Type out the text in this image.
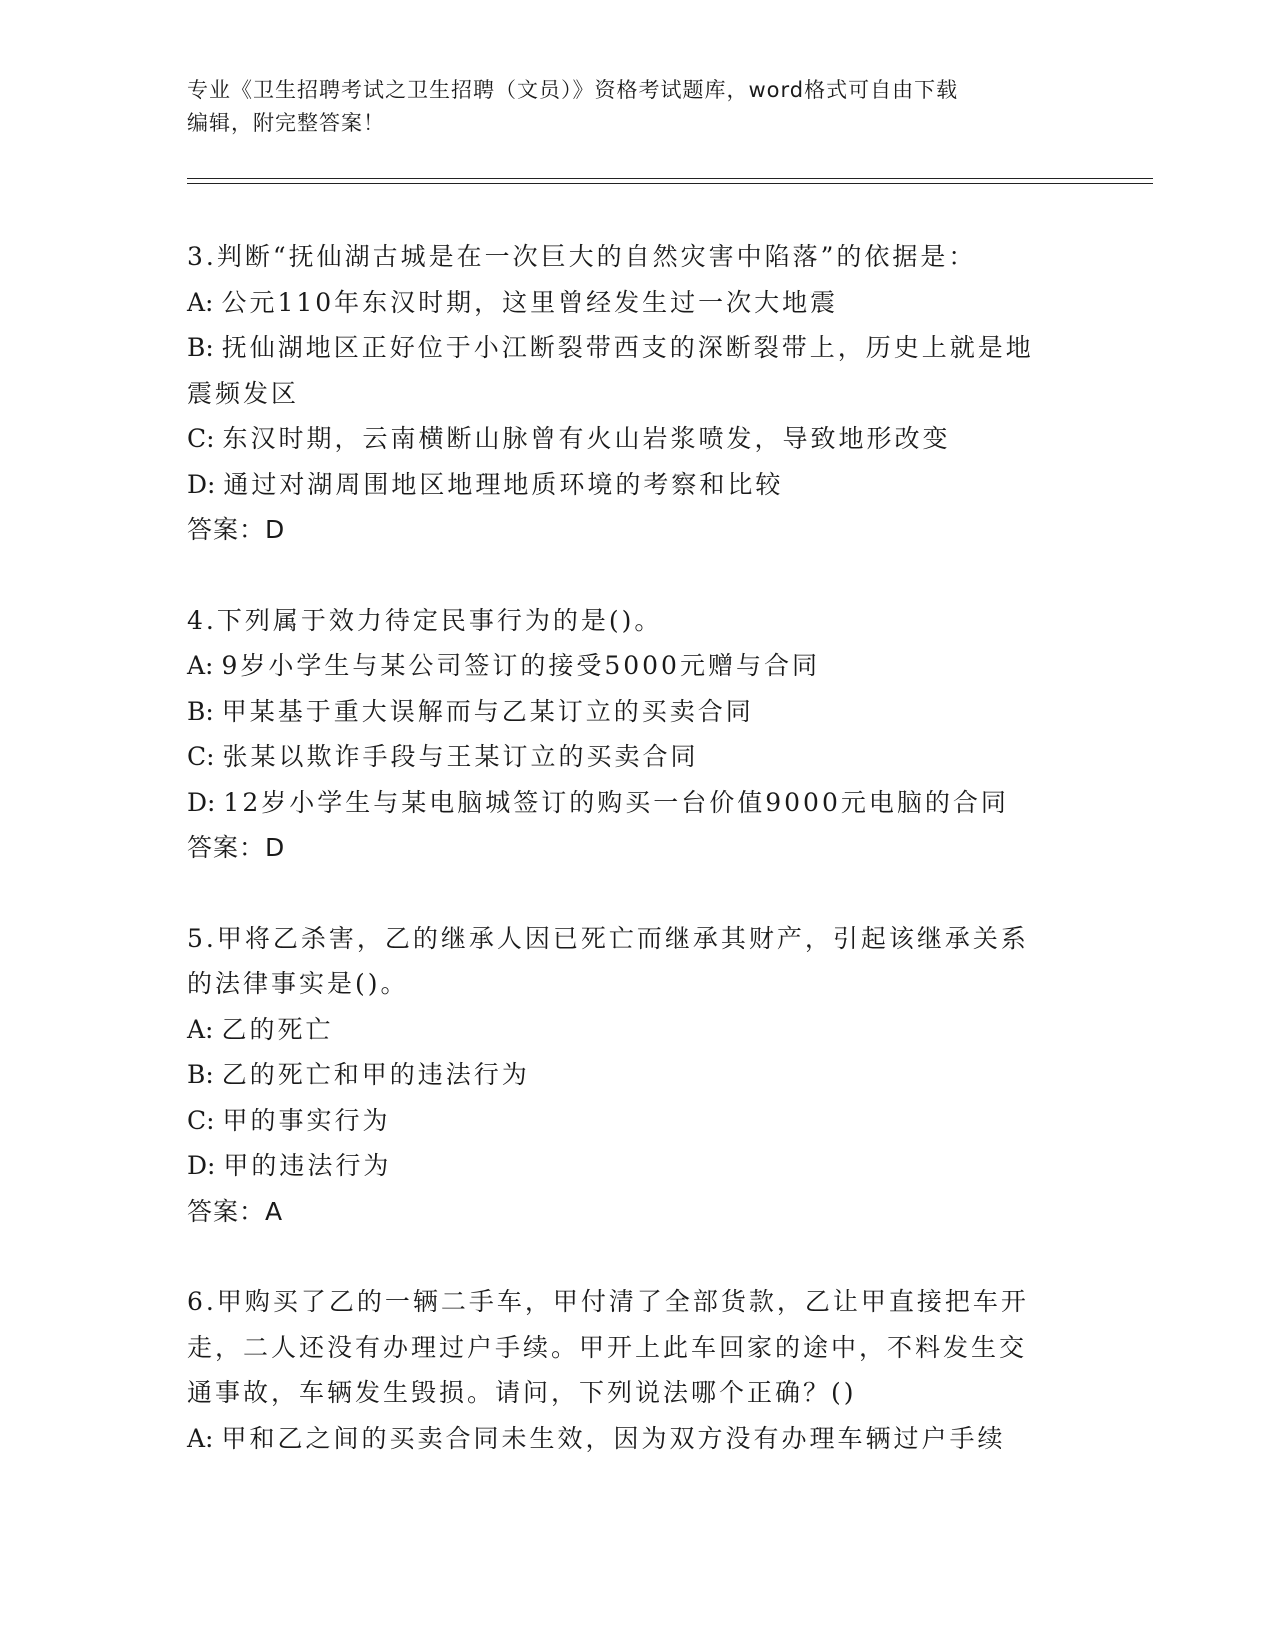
专业《卫生招聘考试之卫生招聘（文员）》资格考试题库，word格式可自由下载
编辑，附完整答案！
3.判断“抚仙湖古城是在一次巨大的自然灾害中陷落”的依据是：
A: 公元110年东汉时期，这里曾经发生过一次大地震
B: 抚仙湖地区正好位于小江断裂带西支的深断裂带上，历史上就是地
震频发区
C: 东汉时期，云南横断山脉曾有火山岩浆喷发，导致地形改变
D: 通过对湖周围地区地理地质环境的考察和比较
答案：D
4.下列属于效力待定民事行为的是()。
A: 9岁小学生与某公司签订的接受5000元赠与合同
B: 甲某基于重大误解而与乙某订立的买卖合同
C: 张某以欺诈手段与王某订立的买卖合同
D: 12岁小学生与某电脑城签订的购买一台价值9000元电脑的合同
答案：D
5.甲将乙杀害，乙的继承人因已死亡而继承其财产，引起该继承关系
的法律事实是()。
A: 乙的死亡
B: 乙的死亡和甲的违法行为
C: 甲的事实行为
D: 甲的违法行为
答案：A
6.甲购买了乙的一辆二手车，甲付清了全部货款，乙让甲直接把车开
走，二人还没有办理过户手续。甲开上此车回家的途中，不料发生交
通事故，车辆发生毁损。请问，下列说法哪个正确？()
A: 甲和乙之间的买卖合同未生效，因为双方没有办理车辆过户手续
